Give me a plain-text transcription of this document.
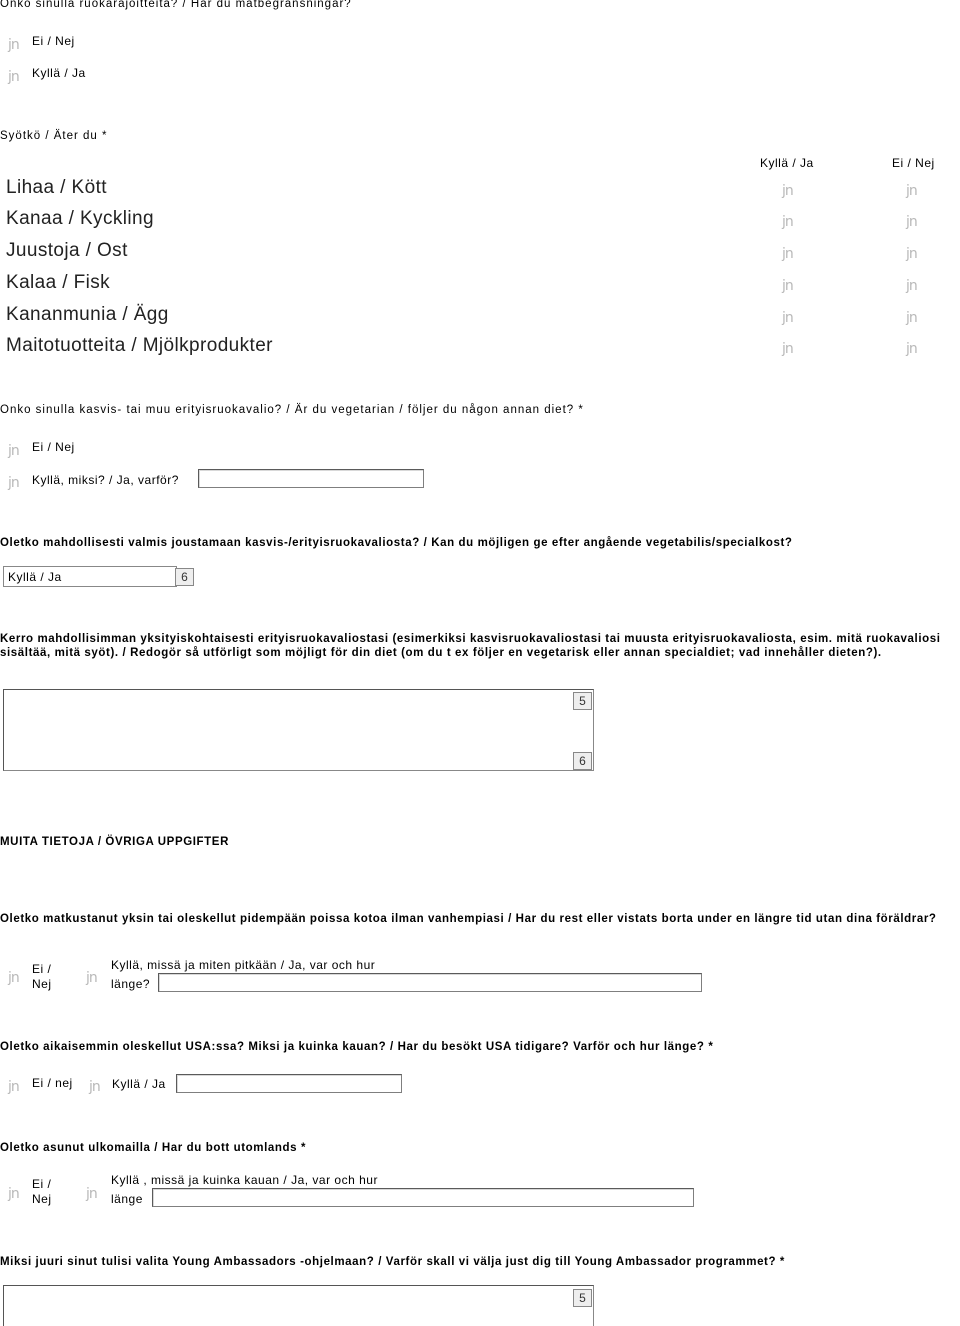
Onko sinulla ruokarajoitteita? / Har du matbegränsningar?
jn
Ei / Nej
jn
Kyllä / Ja
Syötkö / Äter du *
Kyllä / Ja	Ei / Nej
Lihaa / Kött
jn
jn
Kanaa / Kyckling
jn
jn
Juustoja / Ost
jn
jn
Kalaa / Fisk
jn
jn
Kananmunia / Ägg
jn
jn
Maitotuotteita / Mjölkprodukter
jn
jn
Onko sinulla kasvis- tai muu erityisruokavalio? / Är du vegetarian / följer du någon annan diet? *
jn
Ei / Nej
jn
Kyllä, miksi? / Ja, varför?
Oletko mahdollisesti valmis joustamaan kasvis-/erityisruokavaliosta? / Kan du möjligen ge efter angående vegetabilis/specialkost?
Kyllä / Ja	6
Kerro mahdollisimman yksityiskohtaisesti erityisruokavaliostasi (esimerkiksi kasvisruokavaliostasi tai muusta erityisruokavaliosta, esim. mitä ruokavaliosi sisältää, mitä syöt). / Redogör så utförligt som möjligt för din diet (om du t ex följer en vegetarisk eller annan specialdiet; vad innehåller dieten?).
5
6
MUITA TIETOJA / ÖVRIGA UPPGIFTER
Oletko matkustanut yksin tai oleskellut pidempään poissa kotoa ilman vanhempiasi / Har du rest eller vistats borta under en längre tid utan dina föräldrar?
jn
Ei /
Nej
jn
Kyllä, missä ja miten pitkään / Ja, var och hur
länge?
Oletko aikaisemmin oleskellut USA:ssa? Miksi ja kuinka kauan? / Har du besökt USA tidigare? Varför och hur länge? *
jn
Ei / nej
jn	Kyllä / Ja
Oletko asunut ulkomailla / Har du bott utomlands *
jn
Ei /
Nej
jn
Kyllä , missä ja kuinka kauan / Ja, var och hur
länge
Miksi juuri sinut tulisi valita Young Ambassadors -ohjelmaan? / Varför skall vi välja just dig till Young Ambassador programmet? *
5
